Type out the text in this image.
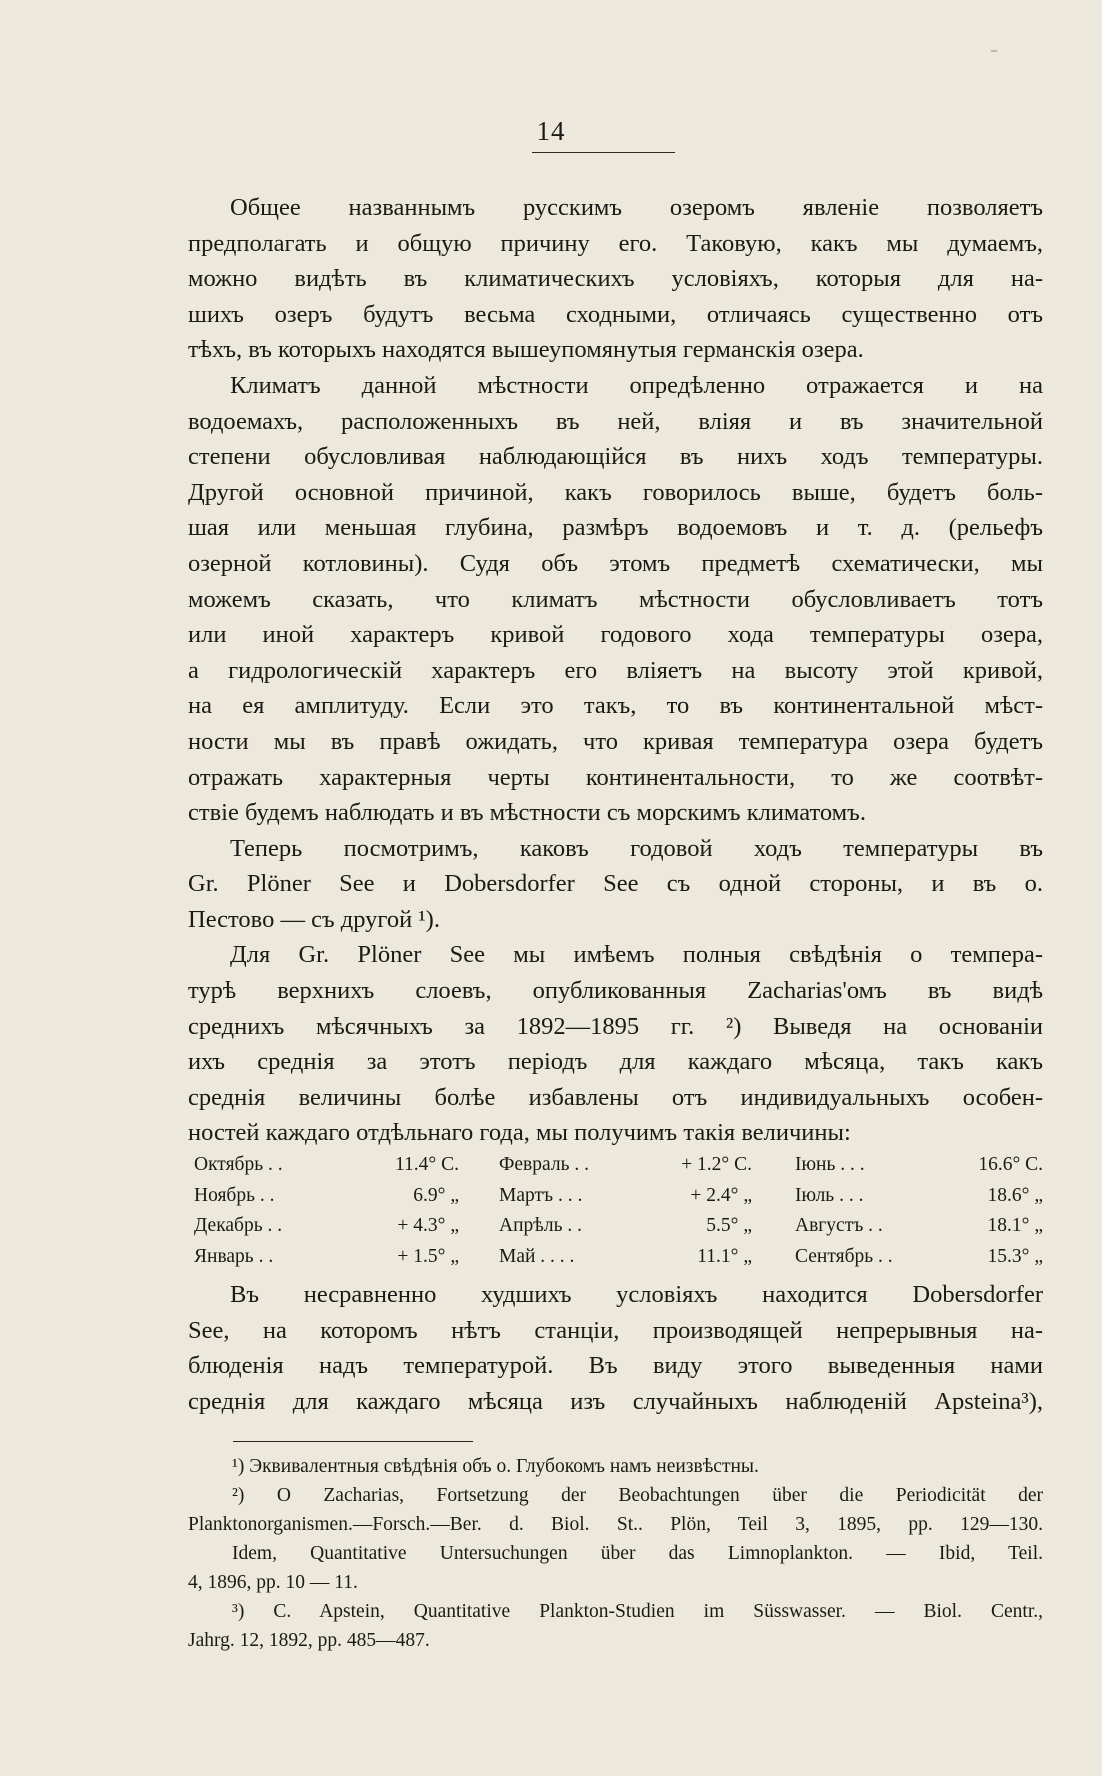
-
14

Общее названнымъ русскимъ озеромъ явленіе позволяетъ

предполагать и общую причину его. Таковую, какъ мы думаемъ,

можно видѣть въ климатическихъ условіяхъ, которыя для на-

шихъ озеръ будутъ весьма сходными, отличаясь существенно отъ

тѣхъ, въ которыхъ находятся вышеупомянутыя германскія озера.

Климатъ данной мѣстности опредѣленно отражается и на

водоемахъ, расположенныхъ въ ней, вліяя и въ значительной

степени обусловливая наблюдающійся въ нихъ ходъ температуры.

Другой основной причиной, какъ говорилось выше, будетъ боль-

шая или меньшая глубина, размѣръ водоемовъ и т. д. (рельефъ

озерной котловины). Судя объ этомъ предметѣ схематически, мы

можемъ сказать, что климатъ мѣстности обусловливаетъ тотъ

или иной характеръ кривой годового хода температуры озера,

а гидрологическій характеръ его вліяетъ на высоту этой кривой,

на ея амплитуду. Если это такъ, то въ континентальной мѣст-

ности мы въ правѣ ожидать, что кривая температура озера будетъ

отражать характерныя черты континентальности, то же соотвѣт-

ствіе будемъ наблюдать и въ мѣстности съ морскимъ климатомъ.

Теперь посмотримъ, каковъ годовой ходъ температуры въ

Gr. Plöner See и Dobersdorfer See съ одной стороны, и въ о.

Пестово — съ другой ¹).

Для Gr. Plöner See мы имѣемъ полныя свѣдѣнія о темпера-

турѣ верхнихъ слоевъ, опубликованныя Zacharias'омъ въ видѣ

среднихъ мѣсячныхъ за 1892—1895 гг. ²) Выведя на основаніи

ихъ среднія за этотъ періодъ для каждаго мѣсяца, такъ какъ

среднія величины болѣе избавлены отъ индивидуальныхъ особен-

ностей каждаго отдѣльнаго года, мы получимъ такія величины:

Октябрь . .	11.4° С. Февраль . .	+ 1.2° С. Іюнь . . .	16.6° С.
Ноябрь . .	6.9° „ Мартъ . . .	+ 2.4° „ Іюль . . .	18.6° „
Декабрь . .	+ 4.3° „ Апрѣль . .	5.5° „ Августъ . .	18.1° „
Январь . .	+ 1.5° „ Май . . . .	11.1° „ Сентябрь . .	15.3° „

Въ несравненно худшихъ условіяхъ находится Dobersdorfer

See, на которомъ нѣтъ станціи, производящей непрерывныя на-

блюденія надъ температурой. Въ виду этого выведенныя нами

среднія для каждаго мѣсяца изъ случайныхъ наблюденій Apsteina³),

¹) Эквивалентныя свѣдѣнія объ о. Глубокомъ намъ неизвѣстны.

²) O Zacharias, Fortsetzung der Beobachtungen über die Periodicität der

Planktonorganismen.—Forsch.—Ber. d. Biol. St.. Plön, Teil 3, 1895, pp. 129—130.

Idem, Quantitative Untersuchungen über das Limnoplankton. — Ibid, Teil.

4, 1896, pp. 10 — 11.

³) C. Apstein, Quantitative Plankton-Studien im Süsswasser. — Biol. Centr.,

Jahrg. 12, 1892, pp. 485—487.
